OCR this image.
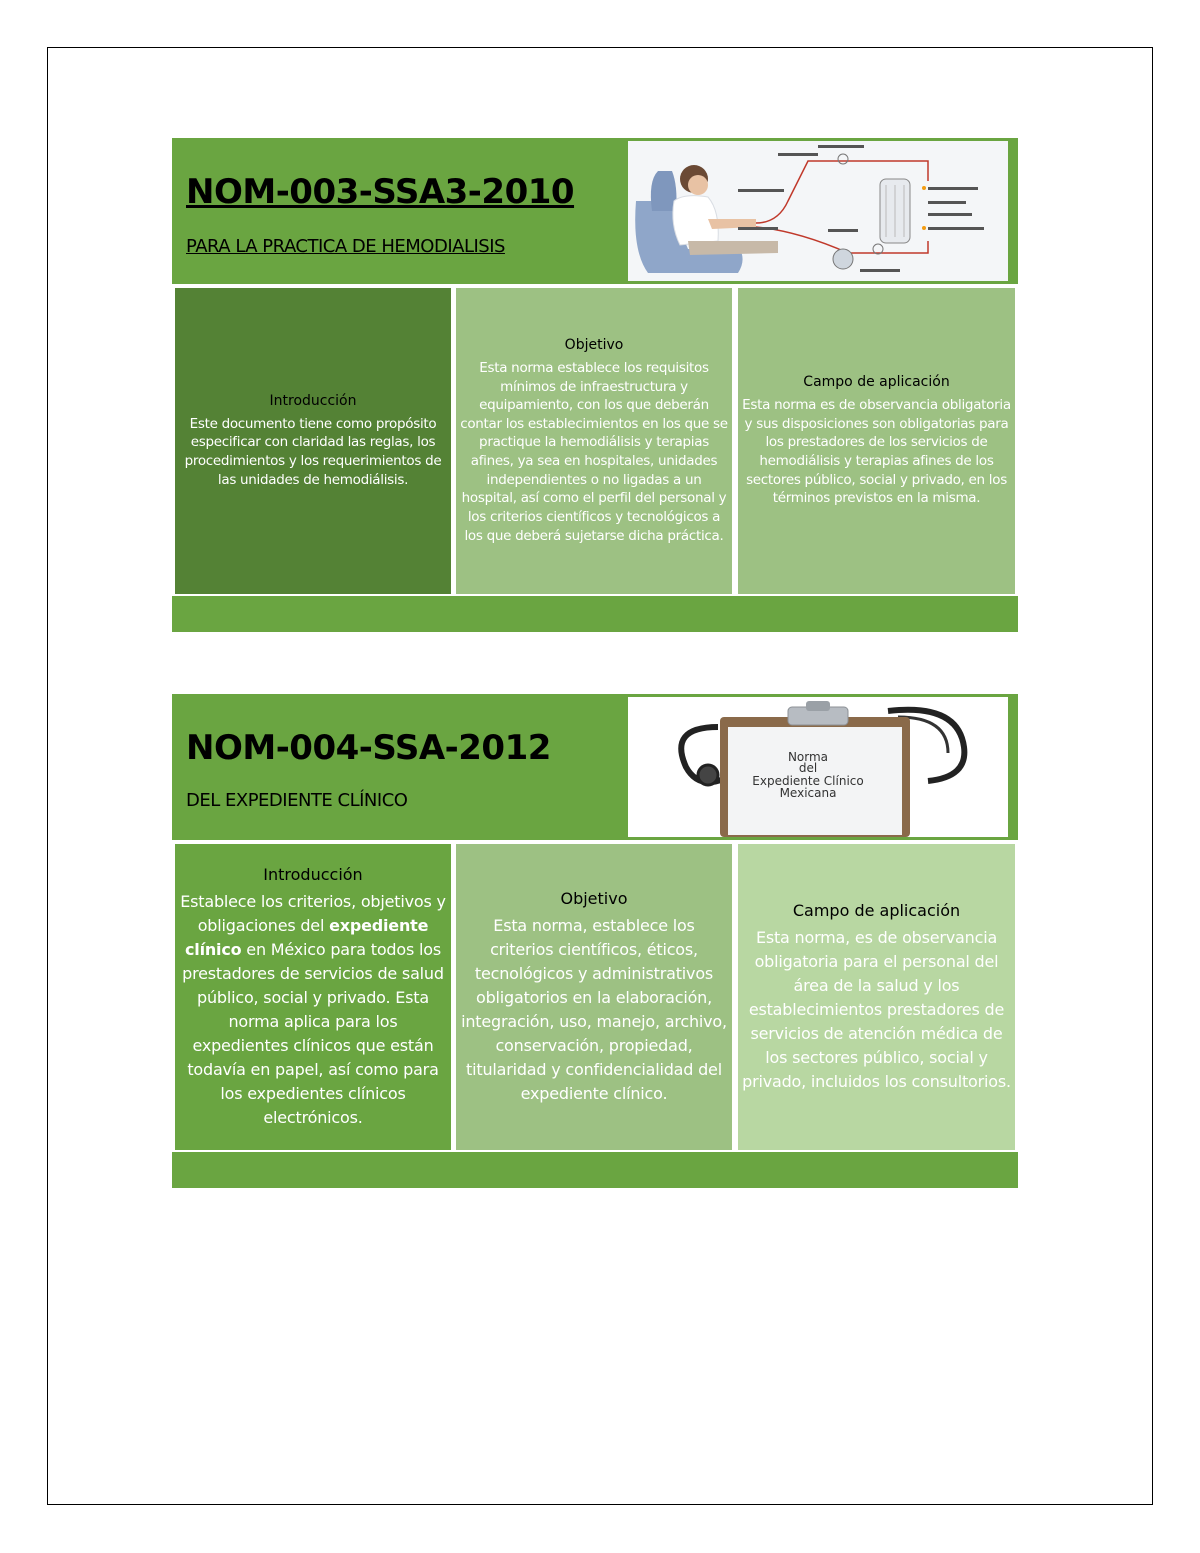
NOM-003-SSA3-2010
PARA LA PRACTICA DE HEMODIALISIS
Introducción
Este documento tiene como propósito especificar con claridad las reglas, los procedimientos y los requerimientos de las unidades de hemodiálisis.
Objetivo
Esta norma establece los requisitos mínimos de infraestructura y equipamiento, con los que deberán contar los establecimientos en los que se practique la hemodiálisis y terapias afines, ya sea en hospitales, unidades independientes o no ligadas a un hospital, así como el perfil del personal y los criterios científicos y tecnológicos a los que deberá sujetarse dicha práctica.
Campo de aplicación
Esta norma es de observancia obligatoria y sus disposiciones son obligatorias para los prestadores de los servicios de hemodiálisis y terapias afines de los sectores público, social y privado, en los términos previstos en la misma.
NOM-004-SSA-2012
DEL EXPEDIENTE CLÍNICO
Norma
del
Expediente Clínico
Mexicana
Introducción
Establece los criterios, objetivos y obligaciones del expediente clínico en México para todos los prestadores de servicios de salud público, social y privado. Esta norma aplica para los expedientes clínicos que están todavía en papel, así como para los expedientes clínicos electrónicos.
Objetivo
Esta norma, establece los criterios científicos, éticos, tecnológicos y administrativos obligatorios en la elaboración, integración, uso, manejo, archivo, conservación, propiedad, titularidad y confidencialidad del expediente clínico.
Campo de aplicación
Esta norma, es de observancia obligatoria para el personal del área de la salud y los establecimientos prestadores de servicios de atención médica de los sectores público, social y privado, incluidos los consultorios.
